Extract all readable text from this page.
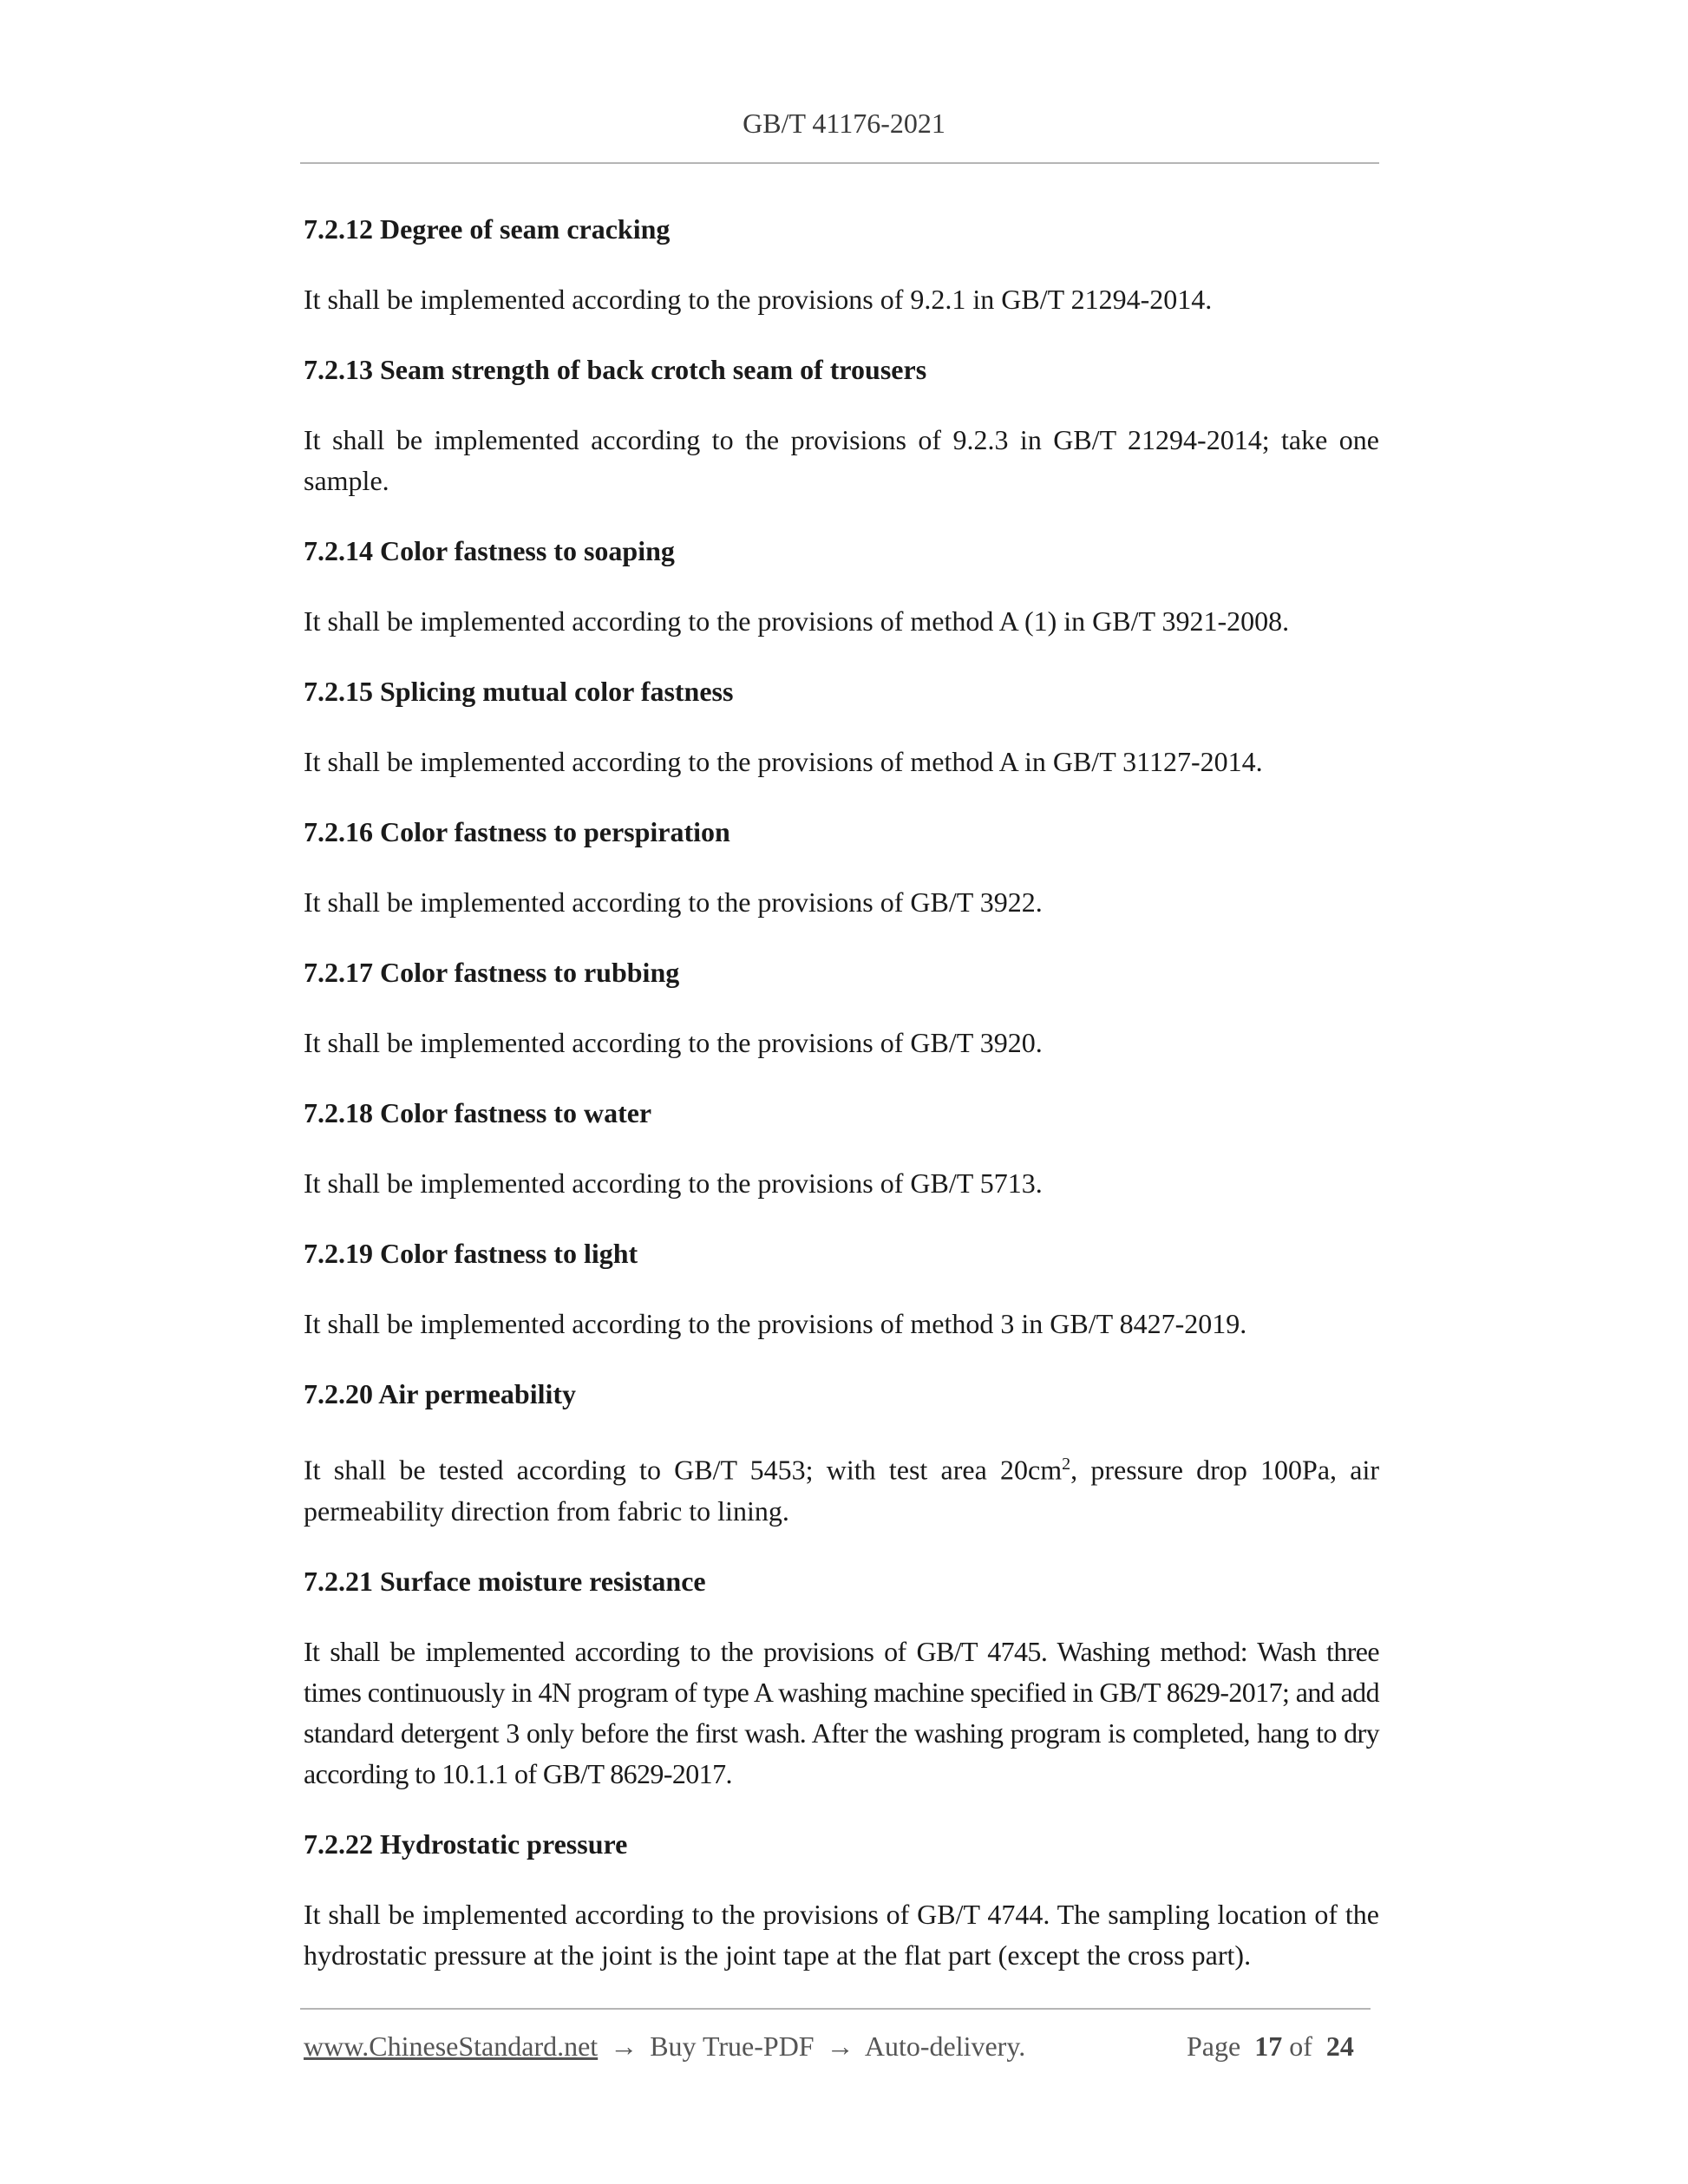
GB/T 41176-2021
7.2.12 Degree of seam cracking

It shall be implemented according to the provisions of 9.2.1 in GB/T 21294-2014.

7.2.13 Seam strength of back crotch seam of trousers

It shall be implemented according to the provisions of 9.2.3 in GB/T 21294-2014; take one sample.

7.2.14 Color fastness to soaping

It shall be implemented according to the provisions of method A (1) in GB/T 3921-2008.

7.2.15 Splicing mutual color fastness

It shall be implemented according to the provisions of method A in GB/T 31127-2014.

7.2.16 Color fastness to perspiration

It shall be implemented according to the provisions of GB/T 3922.

7.2.17 Color fastness to rubbing

It shall be implemented according to the provisions of GB/T 3920.

7.2.18 Color fastness to water

It shall be implemented according to the provisions of GB/T 5713.

7.2.19 Color fastness to light

It shall be implemented according to the provisions of method 3 in GB/T 8427-2019.

7.2.20 Air permeability

It shall be tested according to GB/T 5453; with test area $20cm^2$, pressure drop 100Pa, air permeability direction from fabric to lining.

7.2.21 Surface moisture resistance

It shall be implemented according to the provisions of GB/T 4745. Washing method: Wash three times continuously in 4N program of type A washing machine specified in GB/T 8629-2017; and add standard detergent 3 only before the first wash. After the washing program is completed, hang to dry according to 10.1.1 of GB/T 8629-2017.

7.2.22 Hydrostatic pressure

It shall be implemented according to the provisions of GB/T 4744. The sampling location of the hydrostatic pressure at the joint is the joint tape at the flat part (except the cross part).

www.ChineseStandard.net → Buy True-PDF → Auto-delivery.	Page 17 of 24
